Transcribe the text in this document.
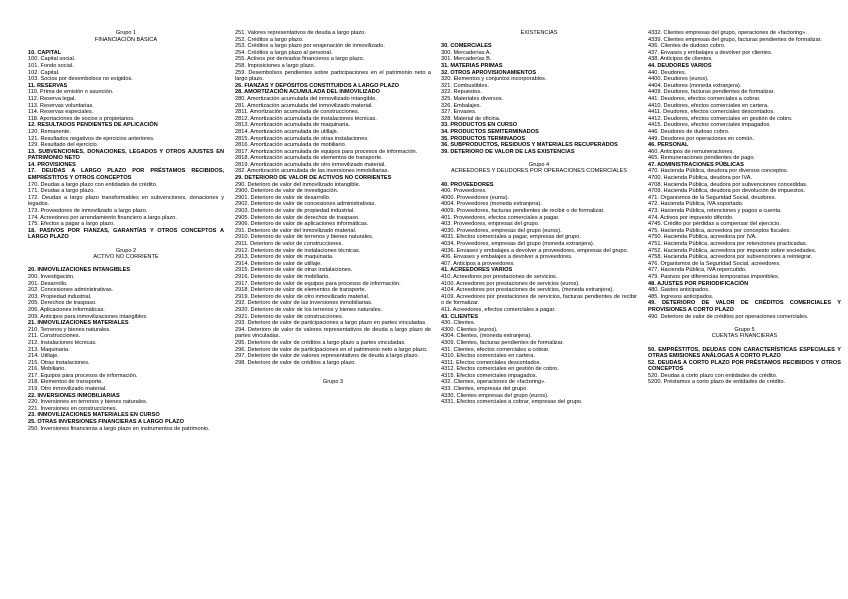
Grupo 1
FINANCIACIÓN BÁSICA
10. CAPITAL
100. Capital social.
101. Fondo social.
102. Capital.
103. Socios por desembolsos no exigidos.
11. RESERVAS
110. Prima de emisión o asunción.
112. Reserva legal.
113. Reservas voluntarias.
114. Reservas especiales.
118. Aportaciones de socios o propietarios.
12. RESULTADOS PENDIENTES DE APLICACIÓN
120. Remanente.
121. Resultados negativos de ejercicios anteriores.
129. Resultado del ejercicio.
13. SUBVENCIONES, DONACIONES, LEGADOS Y OTROS AJUSTES EN PATRIMONIO NETO
14. PROVISIONES
17. DEUDAS A LARGO PLAZO POR PRÉSTAMOS RECIBIDOS, EMPRÉSTITOS Y OTROS CONCEPTOS
170. Deudas a largo plazo con entidades de crédito.
171. Deudas a largo plazo.
172. Deudas a largo plazo transformables en subvenciones, donaciones y legados.
173. Proveedores de inmovilizado a largo plazo.
174. Acreedores por arrendamiento financiero a largo plazo.
175. Efectos a pagar a largo plazo.
18. PASIVOS POR FIANZAS, GARANTÍAS Y OTROS CONCEPTOS A LARGO PLAZO
Grupo 2
ACTIVO NO CORRIENTE
20. INMOVILIZACIONES INTANGIBLES
200. Investigación.
201. Desarrollo.
202. Concesiones administrativas.
203. Propiedad industrial.
205. Derechos de traspaso.
206. Aplicaciones informáticas.
209. Anticipos para inmovilizaciones intangibles.
21. INMOVILIZACIONES MATERIALES
210. Terrenos y bienes naturales.
211. Construcciones.
212. Instalaciones técnicas.
213. Maquinaria.
214. Utillaje.
215. Otras instalaciones.
216. Mobiliario.
217. Equipos para procesos de información.
218. Elementos de transporte.
219. Otro inmovilizado material.
22. INVERSIONES INMOBILIARIAS
220. Inversiones en terrenos y bienes naturales.
221. Inversiones en construcciones.
23. INMOVILIZACIONES MATERIALES EN CURSO
25. OTRAS INVERSIONES FINANCIERAS A LARGO PLAZO
250. Inversiones financieras a largo plazo en instrumentos de patrimonio.
251. Valores representativos de deuda a largo plazo.
252. Créditos a largo plazo.
253. Créditos a largo plazo por enajenación de inmovilizado.
254. Créditos a largo plazo al personal.
255. Activos por derivados financieros a largo plazo.
258. Imposiciones a largo plazo.
259. Desembolsos pendientes sobre participaciones en el patrimonio neto a largo plazo.
26. FIANZAS Y DEPÓSITOS CONSTITUIDOS A LARGO PLAZO
28. AMORTIZACIÓN ACUMULADA DEL INMOVILIZADO
280. Amortización acumulada del inmovilizado intangible.
281. Amortización acumulada del inmovilizado material.
2811. Amortización acumulada de construcciones.
2812. Amortización acumulada de instalaciones técnicas.
2813. Amortización acumulada de maquinaria.
2814. Amortización acumulada de utillaje.
2815. Amortización acumulada de otras instalaciones.
2816. Amortización acumulada de mobiliario.
2817. Amortización acumulada de equipos para procesos de información.
2818. Amortización acumulada de elementos de transporte.
2819. Amortización acumulada de otro inmovilizado material.
282. Amortización acumulada de las inversiones inmobiliarias.
29. DETERIORO DE VALOR DE ACTIVOS NO CORRIENTES
290. Deterioro de valor del inmovilizado intangible.
2900. Deterioro de valor de investigación.
2901. Deterioro de valor de desarrollo.
2902. Deterioro de valor de concesiones administrativas.
2903. Deterioro de valor de propiedad industrial.
2905. Deterioro de valor de derechos de traspaso.
2906. Deterioro de valor de aplicaciones informáticas.
291. Deterioro de valor del inmovilizado material.
2910. Deterioro de valor de terrenos y bienes naturales.
2911. Deterioro de valor de construcciones.
2912. Deterioro de valor de instalaciones técnicas.
2913. Deterioro de valor de maquinaria.
2914. Deterioro de valor de utillaje.
2915. Deterioro de valor de otras instalaciones.
2916. Deterioro de valor de mobiliario.
2917. Deterioro de valor de equipos para procesos de información.
2918. Deterioro de valor de elementos de transporte.
2919. Deterioro de valor de otro inmovilizado material.
292. Deterioro de valor de las inversiones inmobiliarias.
2920. Deterioro de valor de los terrenos y bienes naturales.
2921. Deterioro de valor de construcciones.
293. Deterioro de valor de participaciones a largo plazo en partes vinculadas.
294. Deterioro de valor de valores representativos de deuda a largo plazo de partes vinculadas.
295. Deterioro de valor de créditos a largo plazo a partes vinculadas.
296. Deterioro de valor de participaciones en el patrimonio neto a largo plazo.
297. Deterioro de valor de valores representativos de deuda a largo plazo.
298. Deterioro de valor de créditos a largo plazo.
Grupo 3
EXISTENCIAS
30. COMERCIALES
300. Mercaderías A.
301. Mercaderías B.
31. MATERIAS PRIMAS
32. OTROS APROVISIONAMIENTOS
320. Elementos y conjuntos incorporables.
321. Combustibles.
322. Repuestos.
325. Materiales diversos.
326. Embalajes.
327. Envases.
328. Material de oficina.
33. PRODUCTOS EN CURSO
34. PRODUCTOS SEMITERMINADOS
35. PRODUCTOS TERMINADOS
36. SUBPRODUCTOS, RESIDUOS Y MATERIALES RECUPERADOS
39. DETERIORO DE VALOR DE LAS EXISTENCIAS
Grupo 4
ACREEDORES Y DEUDORES POR OPERACIONES COMERCIALES
40. PROVEEDORES
400. Proveedores.
4000. Proveedores (euros).
4004. Proveedores (moneda extranjera).
4009. Proveedores, facturas pendientes de recibir o de formalizar.
401. Proveedores, efectos comerciales a pagar.
403. Proveedores, empresas del grupo.
4030. Proveedores, empresas del grupo (euros).
4031. Efectos comerciales a pagar, empresas del grupo.
4034. Proveedores, empresas del grupo (moneda extranjera).
4036. Envases y embalajes a devolver a proveedores, empresas del grupo.
406. Envases y embalajes a devolver a proveedores.
407. Anticipos a proveedores.
41. ACREEDORES VARIOS
410. Acreedores por prestaciones de servicios.
4100. Acreedores por prestaciones de servicios (euros).
4104. Acreedores por prestaciones de servicios, (moneda extranjera).
4109. Acreedores por prestaciones de servicios, facturas pendientes de recibir o de formalizar.
411. Acreedores, efectos comerciales a pagar.
43. CLIENTES
430. Clientes.
4300. Clientes (euros).
4304. Clientes, (moneda extranjera).
4309. Clientes, facturas pendientes de formalizar.
431. Clientes, efectos comerciales a cobrar.
4310. Efectos comerciales en cartera.
4311. Efectos comerciales descontados.
4312. Efectos comerciales en gestión de cobro.
4315. Efectos comerciales impagados.
432. Clientes, operaciones de «factoring».
433. Clientes, empresas del grupo.
4330. Clientes empresas del grupo (euros).
4331. Efectos comerciales a cobrar, empresas del grupo.
4332. Clientes empresas del grupo, operaciones de «factoring».
4339. Clientes empresas del grupo, facturas pendientes de formalizar.
436. Clientes de dudoso cobro.
437. Envases y embalajes a devolver por clientes.
438. Anticipos de clientes.
44. DEUDORES VARIOS
440. Deudores.
4400. Deudores (euros).
4404. Deudores (moneda extranjera).
4409. Deudores, facturas pendientes de formalizar.
441. Deudores, efectos comerciales a cobrar.
4410. Deudores, efectos comerciales en cartera.
4411. Deudores, efectos comerciales descontados.
4412. Deudores, efectos comerciales en gestión de cobro.
4415. Deudores, efectos comerciales impagados.
446. Deudores de dudoso cobro.
449. Deudores por operaciones en común.
46. PERSONAL
460. Anticipos de remuneraciones.
465. Remuneraciones pendientes de pago.
47. ADMINISTRACIONES PÚBLICAS
470. Hacienda Pública, deudora por diversos conceptos.
4700. Hacienda Pública, deudora por IVA.
4708. Hacienda Pública, deudora por subvenciones concedidas.
4709. Hacienda Pública, deudora por devolución de impuestos.
471. Organismos de la Seguridad Social, deudores.
472. Hacienda Pública, IVA soportado.
473. Hacienda Pública, retenciones y pagos a cuenta.
474. Activos por impuesto diferido.
4745. Crédito por pérdidas a compensar del ejercicio.
475. Hacienda Pública, acreedora por conceptos fiscales.
4750. Hacienda Pública, acreedora por IVA.
4751. Hacienda Pública, acreedora por retenciones practicadas.
4752. Hacienda Pública, acreedora por impuesto sobre sociedades.
4758. Hacienda Pública, acreedora por subvenciones a reintegrar.
476. Organismos de la Seguridad Social, acreedores.
477. Hacienda Pública, IVA repercutido.
479. Pasivos por diferencias temporarias imponibles.
48. AJUSTES POR PERIODIFICACIÓN
480. Gastos anticipados.
485. Ingresos anticipados.
49. DETERIORO DE VALOR DE CRÉDITOS COMERCIALES Y PROVISIONES A CORTO PLAZO
490. Deterioro de valor de créditos por operaciones comerciales.
Grupo 5
CUENTAS FINANCIERAS
50. EMPRÉSTITOS, DEUDAS CON CARACTERÍSTICAS ESPECIALES Y OTRAS EMISIONES ANÁLOGAS A CORTO PLAZO
52. DEUDAS A CORTO PLAZO POR PRÉSTAMOS RECIBIDOS Y OTROS CONCEPTOS
520. Deudas a corto plazo con entidades de crédito.
5200. Préstamos a corto plazo de entidades de crédito.
